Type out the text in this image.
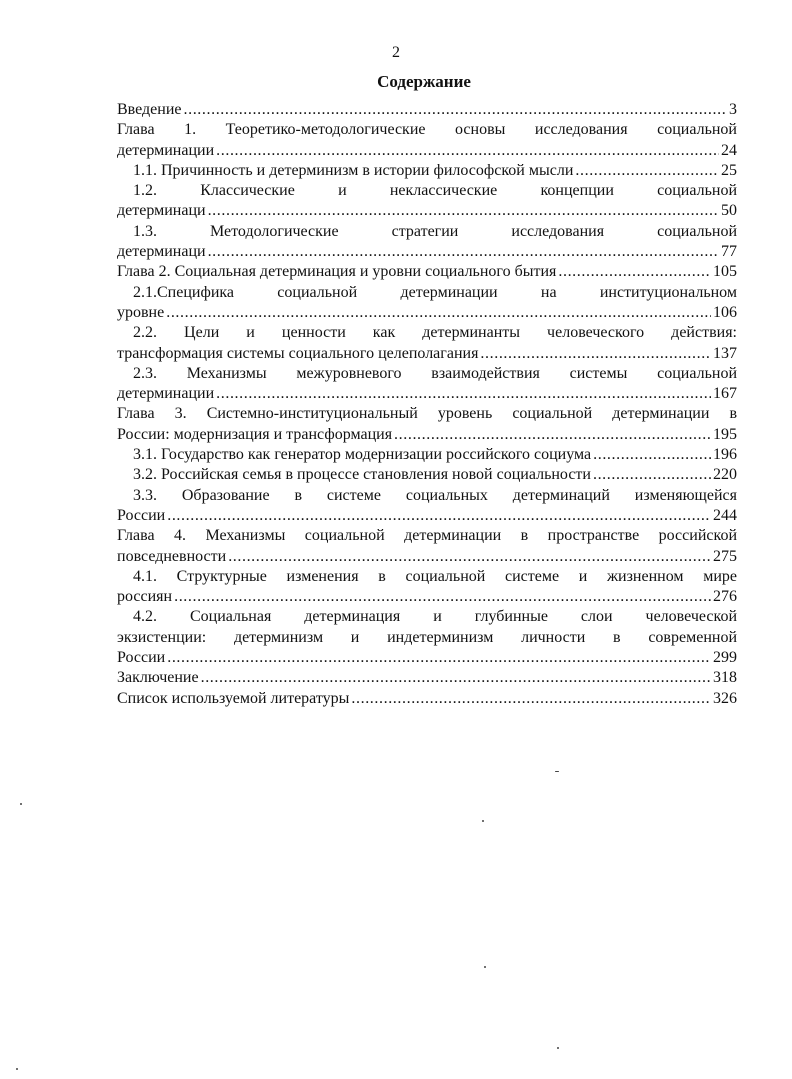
2
Содержание
Введение .....	3
Глава 1. Теоретико-методологические основы исследования социальной
детерминации .....	24
1.1. Причинность и детерминизм в истории философской мысли .....	25
1.2. Классические и неклассические концепции социальной
детерминаци .....	50
1.3. Методологические стратегии исследования социальной
детерминаци .....	77
Глава 2. Социальная детерминация и уровни социального бытия .....	105
2.1.Специфика социальной детерминации на институциональном
уровне .....	106
2.2. Цели и ценности как детерминанты человеческого действия:
трансформация системы социального целеполагания .....	137
2.3. Механизмы межуровневого взаимодействия системы социальной
детерминации .....	167
Глава 3. Системно-институциональный уровень социальной детерминации в
России: модернизация и трансформация .....	195
3.1. Государство как генератор модернизации российского социума .....	196
3.2. Российская семья в процессе становления новой социальности .....	220
3.3. Образование в системе социальных детерминаций изменяющейся
России .....	244
Глава 4. Механизмы социальной детерминации в пространстве российской
повседневности .....	275
4.1. Структурные изменения в социальной системе и жизненном мире
россиян .....	276
4.2. Социальная детерминация и глубинные слои человеческой
экзистенции: детерминизм и индетерминизм личности в современной
России .....	299
Заключение .....	318
Список используемой литературы .....	326
